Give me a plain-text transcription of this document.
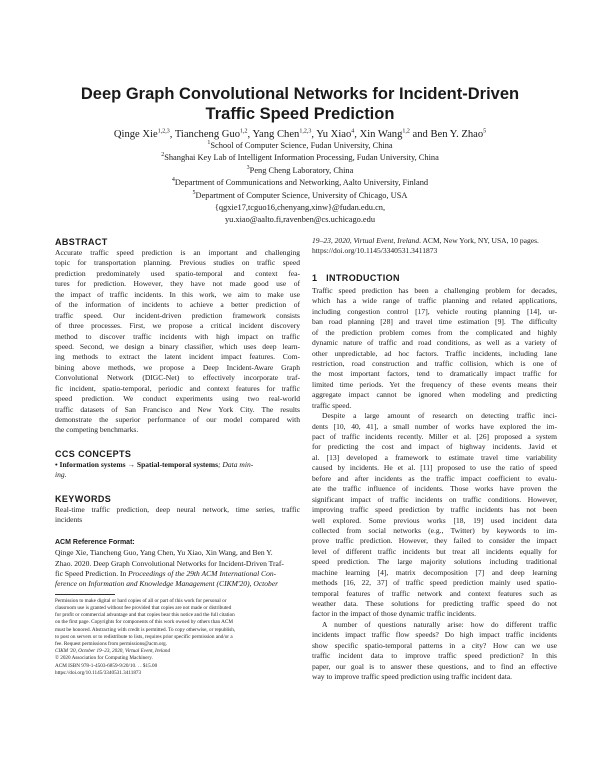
Deep Graph Convolutional Networks for Incident-Driven
Traffic Speed Prediction
Qinge Xie$^{1,2,3}$, Tiancheng Guo$^{1,2}$, Yang Chen$^{1,2,3}$, Yu Xiao$^4$, Xin Wang$^{1,2}$ and Ben Y. Zhao$^5$
$^1$School of Computer Science, Fudan University, China
$^2$Shanghai Key Lab of Intelligent Information Processing, Fudan University, China
$^3$Peng Cheng Laboratory, China
$^4$Department of Communications and Networking, Aalto University, Finland
$^5$Department of Computer Science, University of Chicago, USA
{qgxie17,tcguo16,chenyang,xinw}@fudan.edu.cn,
yu.xiao@aalto.fi,ravenben@cs.uchicago.edu
ABSTRACT
Accurate traffic speed prediction is an important and challenging
topic for transportation planning. Previous studies on traffic speed
prediction predominately used spatio-temporal and context fea-
tures for prediction. However, they have not made good use of
the impact of traffic incidents. In this work, we aim to make use
of the information of incidents to achieve a better prediction of
traffic speed. Our incident-driven prediction framework consists
of three processes. First, we propose a critical incident discovery
method to discover traffic incidents with high impact on traffic
speed. Second, we design a binary classifier, which uses deep learn-
ing methods to extract the latent incident impact features. Com-
bining above methods, we propose a Deep Incident-Aware Graph
Convolutional Network (DIGC-Net) to effectively incorporate traf-
fic incident, spatio-temporal, periodic and context features for traffic
speed prediction. We conduct experiments using two real-world
traffic datasets of San Francisco and New York City. The results
demonstrate the superior performance of our model compared with
the competing benchmarks.
CCS CONCEPTS
• Information systems → Spatial-temporal systems; Data min-
ing.
KEYWORDS
Real-time traffic prediction, deep neural network, time series, traffic
incidents
ACM Reference Format:
Qinge Xie, Tiancheng Guo, Yang Chen, Yu Xiao, Xin Wang, and Ben Y.
Zhao. 2020. Deep Graph Convolutional Networks for Incident-Driven Traf-
fic Speed Prediction. In Proceedings of the 29th ACM International Con-
ference on Information and Knowledge Management (CIKM'20), October
Permission to make digital or hard copies of all or part of this work for personal or
classroom use is granted without fee provided that copies are not made or distributed
for profit or commercial advantage and that copies bear this notice and the full citation
on the first page. Copyrights for components of this work owned by others than ACM
must be honored. Abstracting with credit is permitted. To copy otherwise, or republish,
to post on servers or to redistribute to lists, requires prior specific permission and/or a
fee. Request permissions from permissions@acm.org.
CIKM '20, October 19–23, 2020, Virtual Event, Ireland
© 2020 Association for Computing Machinery.
ACM ISBN 978-1-4503-6859-9/20/10. . . $15.00
https://doi.org/10.1145/3340531.3411873
19–23, 2020, Virtual Event, Ireland. ACM, New York, NY, USA, 10 pages.
https://doi.org/10.1145/3340531.3411873
1 INTRODUCTION
Traffic speed prediction has been a challenging problem for decades,
which has a wide range of traffic planning and related applications,
including congestion control [17], vehicle routing planning [14], ur-
ban road planning [28] and travel time estimation [9]. The difficulty
of the prediction problem comes from the complicated and highly
dynamic nature of traffic and road conditions, as well as a variety of
other unpredictable, ad hoc factors. Traffic incidents, including lane
restriction, road construction and traffic collision, which is one of
the most important factors, tend to dramatically impact traffic for
limited time periods. Yet the frequency of these events means their
aggregate impact cannot be ignored when modeling and predicting
traffic speed.
Despite a large amount of research on detecting traffic inci-
dents [10, 40, 41], a small number of works have explored the im-
pact of traffic incidents recently. Miller et al. [26] proposed a system
for predicting the cost and impact of highway incidents. Javid et
al. [13] developed a framework to estimate travel time variability
caused by incidents. He et al. [11] proposed to use the ratio of speed
before and after incidents as the traffic impact coefficient to evalu-
ate the traffic influence of incidents. Those works have proven the
significant impact of traffic incidents on traffic conditions. However,
improving traffic speed prediction by traffic incidents has not been
well explored. Some previous works [18, 19] used incident data
collected from social networks (e.g., Twitter) by keywords to im-
prove traffic prediction. However, they failed to consider the impact
level of different traffic incidents but treat all incidents equally for
speed prediction. The large majority solutions including traditional
machine learning [4], matrix decomposition [7] and deep learning
methods [16, 22, 37] of traffic speed prediction mainly used spatio-
temporal features of traffic network and context features such as
weather data. These solutions for predicting traffic speed do not
factor in the impact of those dynamic traffic incidents.
A number of questions naturally arise: how do different traffic
incidents impact traffic flow speeds? Do high impact traffic incidents
show specific spatio-temporal patterns in a city? How can we use
traffic incident data to improve traffic speed prediction? In this
paper, our goal is to answer these questions, and to find an effective
way to improve traffic speed prediction using traffic incident data.
